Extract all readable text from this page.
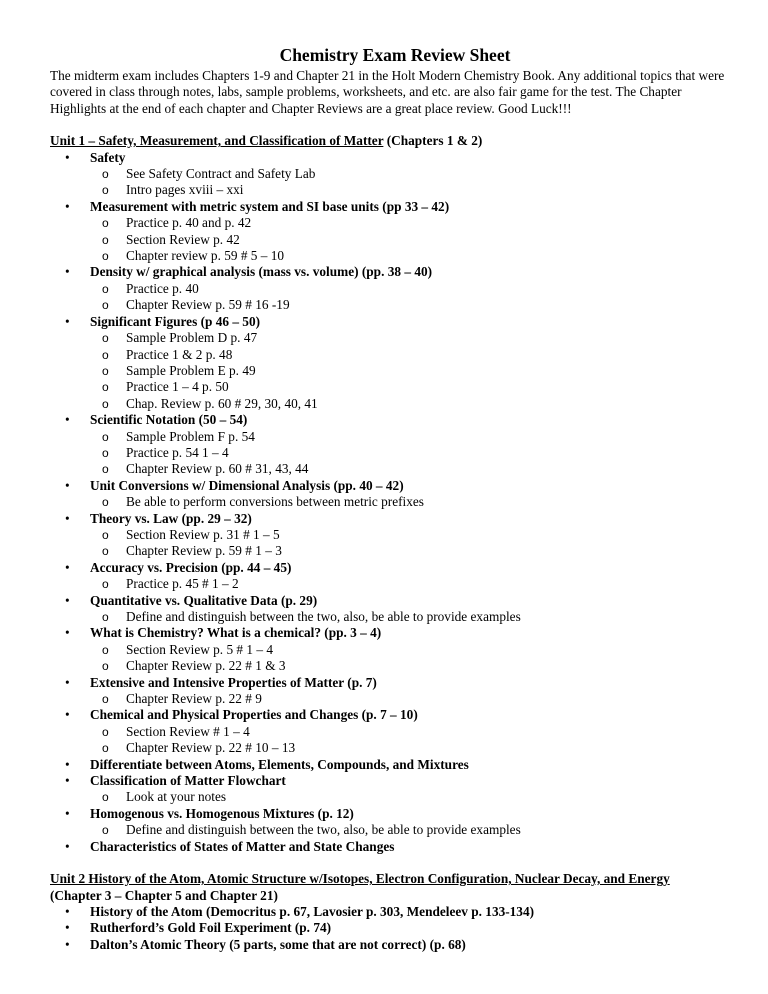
Chemistry Exam Review Sheet

The midterm exam includes Chapters 1-9 and Chapter 21 in the Holt Modern Chemistry Book. Any additional topics that were covered in class through notes, labs, sample problems, worksheets, and etc. are also fair game for the test. The Chapter Highlights at the end of each chapter and Chapter Reviews are a great place review. Good Luck!!!

Unit 1 – Safety, Measurement, and Classification of Matter (Chapters 1 & 2)

• Safety
o See Safety Contract and Safety Lab
o Intro pages xviii – xxi
• Measurement with metric system and SI base units (pp 33 – 42)
o Practice p. 40 and p. 42
o Section Review p. 42
o Chapter review p. 59 # 5 – 10
• Density w/ graphical analysis (mass vs. volume) (pp. 38 – 40)
o Practice p. 40
o Chapter Review p. 59 # 16 -19
• Significant Figures (p 46 – 50)
o Sample Problem D p. 47
o Practice 1 & 2 p. 48
o Sample Problem E p. 49
o Practice 1 – 4 p. 50
o Chap. Review p. 60 # 29, 30, 40, 41
• Scientific Notation (50 – 54)
o Sample Problem F p. 54
o Practice p. 54 1 – 4
o Chapter Review p. 60 # 31, 43, 44
• Unit Conversions w/ Dimensional Analysis (pp. 40 – 42)
o Be able to perform conversions between metric prefixes
• Theory vs. Law (pp. 29 – 32)
o Section Review p. 31 # 1 – 5
o Chapter Review p. 59 # 1 – 3
• Accuracy vs. Precision (pp. 44 – 45)
o Practice p. 45 # 1 – 2
• Quantitative vs. Qualitative Data (p. 29)
o Define and distinguish between the two, also, be able to provide examples
• What is Chemistry? What is a chemical? (pp. 3 – 4)
o Section Review p. 5 # 1 – 4
o Chapter Review p. 22 # 1 & 3
• Extensive and Intensive Properties of Matter (p. 7)
o Chapter Review p. 22 # 9
• Chemical and Physical Properties and Changes (p. 7 – 10)
o Section Review # 1 – 4
o Chapter Review p. 22 # 10 – 13
• Differentiate between Atoms, Elements, Compounds, and Mixtures
• Classification of Matter Flowchart
o Look at your notes
• Homogenous vs. Homogenous Mixtures (p. 12)
o Define and distinguish between the two, also, be able to provide examples
• Characteristics of States of Matter and State Changes

Unit 2 History of the Atom, Atomic Structure w/Isotopes, Electron Configuration, Nuclear Decay, and Energy

(Chapter 3 – Chapter 5 and Chapter 21)

• History of the Atom (Democritus p. 67, Lavosier p. 303, Mendeleev p. 133-134)
• Rutherford’s Gold Foil Experiment (p. 74)
• Dalton’s Atomic Theory (5 parts, some that are not correct) (p. 68)
